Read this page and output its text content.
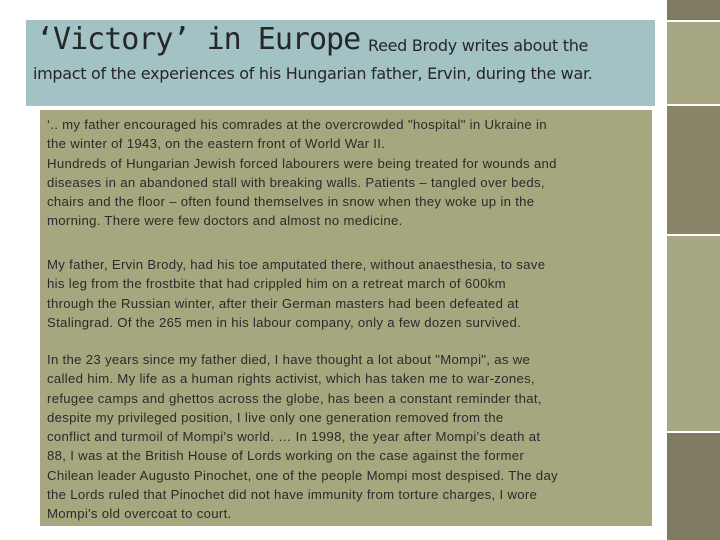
‘Victory’ in Europe Reed Brody writes about the
impact of the experiences of his Hungarian father, Ervin, during the war.
‘.. my father encouraged his comrades at the overcrowded "hospital" in Ukraine in
the winter of 1943, on the eastern front of World War II.
Hundreds of Hungarian Jewish forced labourers were being treated for wounds and
diseases in an abandoned stall with breaking walls. Patients – tangled over beds,
chairs and the floor – often found themselves in snow when they woke up in the
morning. There were few doctors and almost no medicine.
My father, Ervin Brody, had his toe amputated there, without anaesthesia, to save
his leg from the frostbite that had crippled him on a retreat march of 600km
through the Russian winter, after their German masters had been defeated at
Stalingrad. Of the 265 men in his labour company, only a few dozen survived.
In the 23 years since my father died, I have thought a lot about "Mompi", as we
called him. My life as a human rights activist, which has taken me to war-zones,
refugee camps and ghettos across the globe, has been a constant reminder that,
despite my privileged position, I live only one generation removed from the
conflict and turmoil of Mompi's world. … In 1998, the year after Mompi's death at
88, I was at the British House of Lords working on the case against the former
Chilean leader Augusto Pinochet, one of the people Mompi most despised. The day
the Lords ruled that Pinochet did not have immunity from torture charges, I wore
Mompi's old overcoat to court.
